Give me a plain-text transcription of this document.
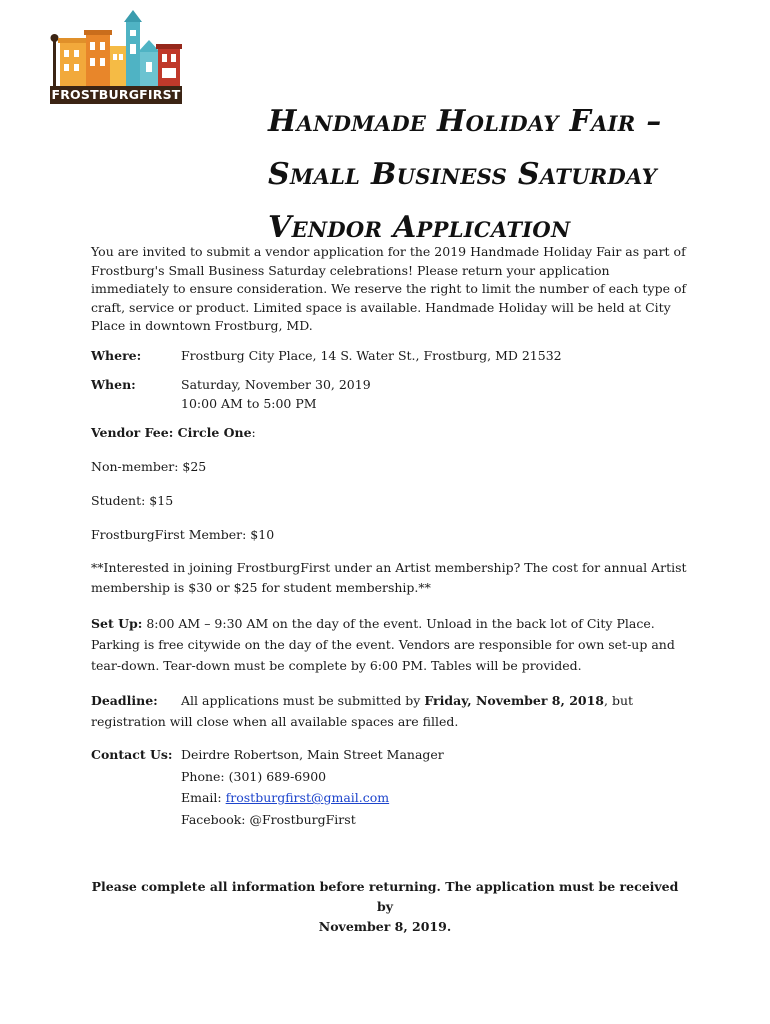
FROSTBURGFIRST
Handmade Holiday Fair –
Small Business Saturday
Vendor Application

You are invited to submit a vendor application for the 2019 Handmade Holiday Fair as part of Frostburg's Small Business Saturday celebrations! Please return your application immediately to ensure consideration. We reserve the right to limit the number of each type of craft, service or product. Limited space is available. Handmade Holiday will be held at City Place in downtown Frostburg, MD.

Where:	Frostburg City Place, 14 S. Water St., Frostburg, MD 21532
When:	Saturday, November 30, 2019
10:00 AM to 5:00 PM
Vendor Fee: Circle One:
Non-member: $25
Student: $15
FrostburgFirst Member: $10

**Interested in joining FrostburgFirst under an Artist membership? The cost for annual Artist membership is $30 or $25 for student membership.**

Set Up: 8:00 AM – 9:30 AM on the day of the event. Unload in the back lot of City Place. Parking is free citywide on the day of the event. Vendors are responsible for own set-up and tear-down. Tear-down must be complete by 6:00 PM. Tables will be provided.

Deadline: All applications must be submitted by Friday, November 8, 2018, but registration will close when all available spaces are filled.

Contact Us: Deirdre Robertson, Main Street Manager
Phone: (301) 689-6900
Email: frostburgfirst@gmail.com
Facebook: @FrostburgFirst
Please complete all information before returning. The application must be received by
November 8, 2019.
